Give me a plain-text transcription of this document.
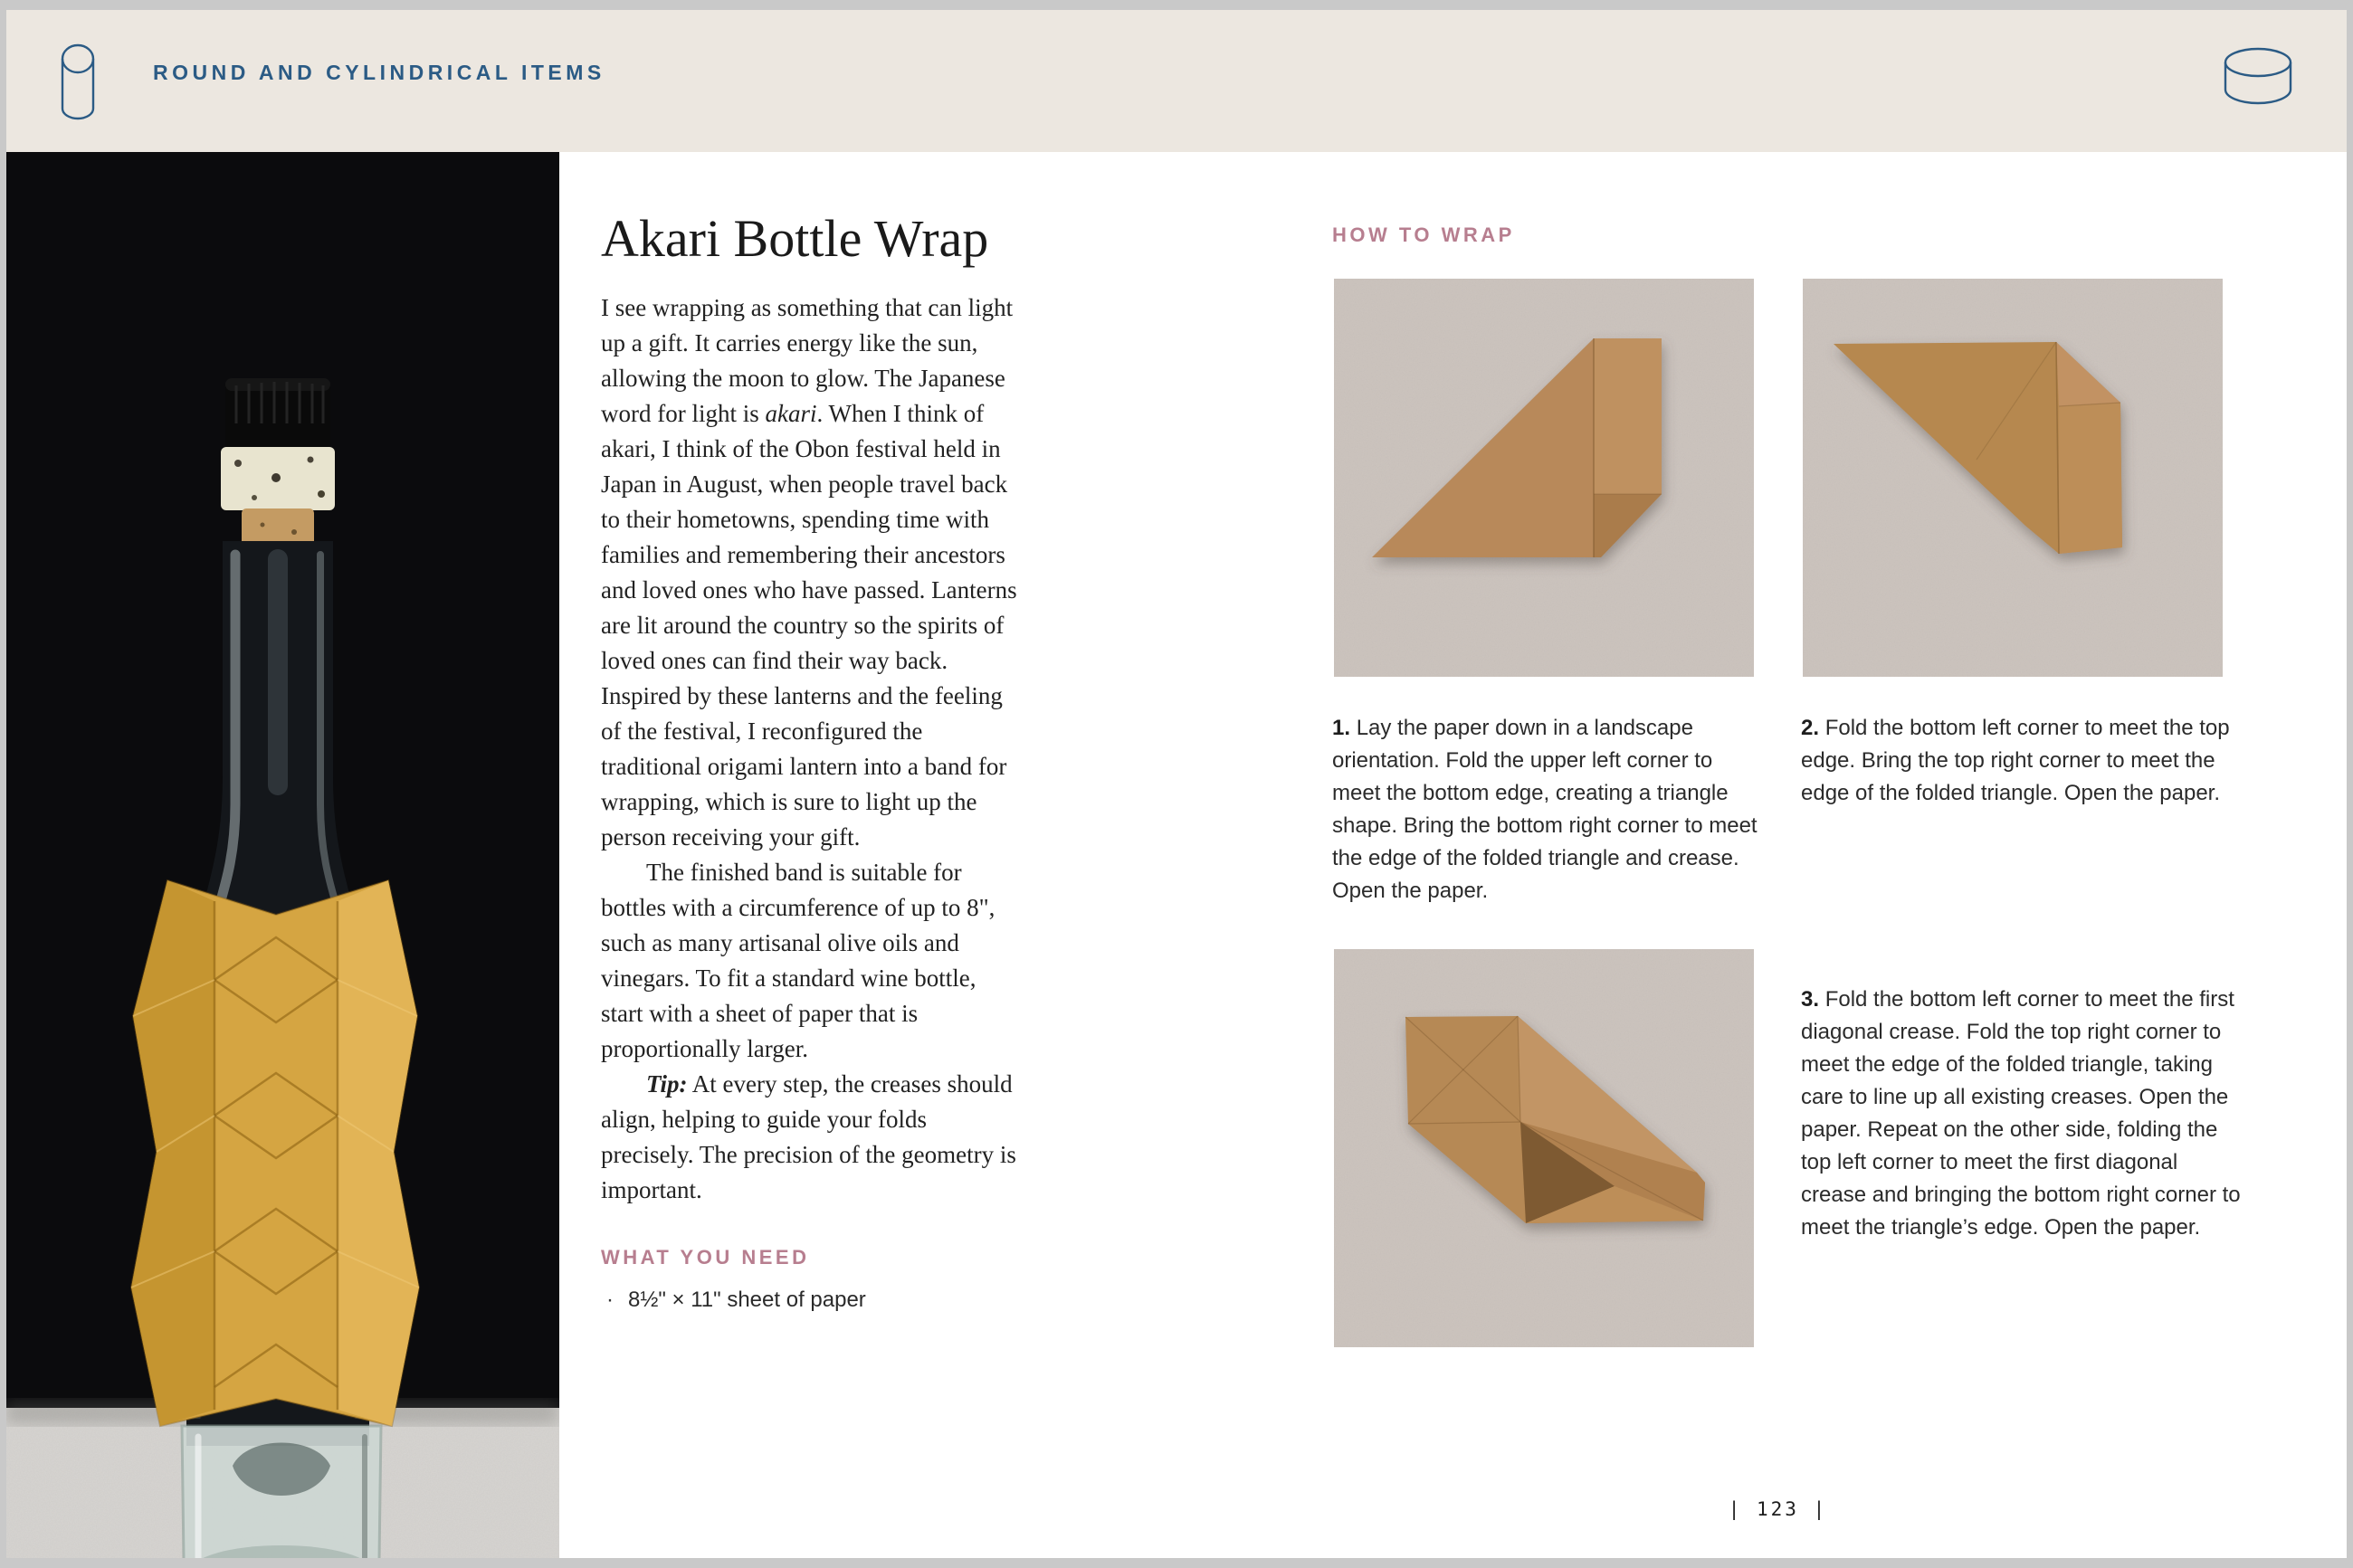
ROUND AND CYLINDRICAL ITEMS
Akari Bottle Wrap

I see wrapping as something that can light up a gift. It carries energy like the sun, allowing the moon to glow. The Japanese word for light is akari. When I think of akari, I think of the Obon festival held in Japan in August, when people travel back to their hometowns, spending time with families and remembering their ancestors and loved ones who have passed. Lanterns are lit around the country so the spirits of loved ones can find their way back. Inspired by these lanterns and the feeling of the festival, I reconfigured the traditional origami lantern into a band for wrapping, which is sure to light up the person receiving your gift.

The finished band is suitable for bottles with a circumference of up to 8", such as many artisanal olive oils and vinegars. To fit a standard wine bottle, start with a sheet of paper that is proportionally larger.

Tip: At every step, the creases should align, helping to guide your folds precisely. The precision of the geometry is important.

WHAT YOU NEED
· 8½" × 11" sheet of paper
HOW TO WRAP

1. Lay the paper down in a landscape orientation. Fold the upper left corner to meet the bottom edge, creating a triangle shape. Bring the bottom right corner to meet the edge of the folded triangle and crease. Open the paper.

2. Fold the bottom left corner to meet the top edge. Bring the top right corner to meet the edge of the folded triangle. Open the paper.

3. Fold the bottom left corner to meet the first diagonal crease. Fold the top right corner to meet the edge of the folded triangle, taking care to line up all existing creases. Open the paper. Repeat on the other side, folding the top left corner to meet the first diagonal crease and bringing the bottom right corner to meet the triangle’s edge. Open the paper.

| 123 |
